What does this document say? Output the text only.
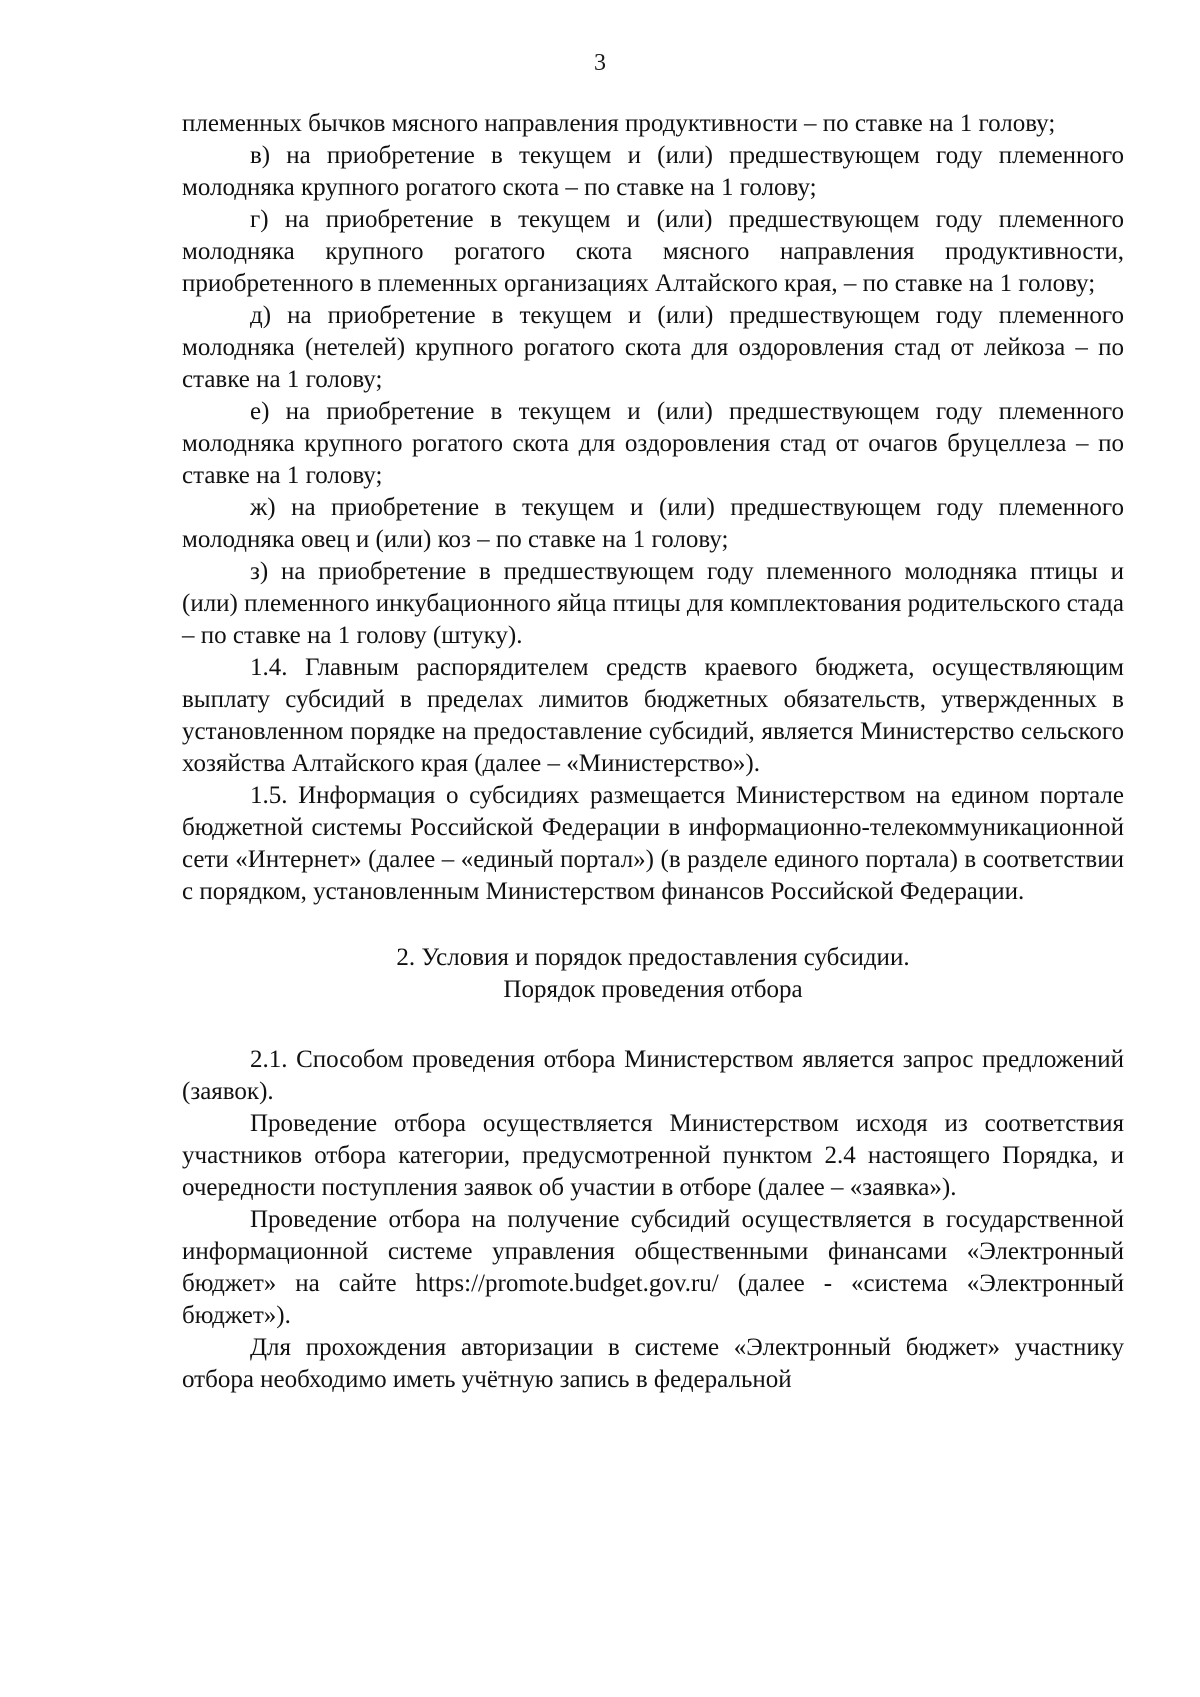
3

племенных бычков мясного направления продуктивности – по ставке на 1 голову;

в) на приобретение в текущем и (или) предшествующем году племенного молодняка крупного рогатого скота – по ставке на 1 голову;

г) на приобретение в текущем и (или) предшествующем году племенного молодняка крупного рогатого скота мясного направления продуктивности, приобретенного в племенных организациях Алтайского края, – по ставке на 1 голову;

д) на приобретение в текущем и (или) предшествующем году племенного молодняка (нетелей) крупного рогатого скота для оздоровления стад от лейкоза – по ставке на 1 голову;

е) на приобретение в текущем и (или) предшествующем году племенного молодняка крупного рогатого скота для оздоровления стад от очагов бруцеллеза – по ставке на 1 голову;

ж) на приобретение в текущем и (или) предшествующем году племенного молодняка овец и (или) коз – по ставке на 1 голову;

з) на приобретение в предшествующем году племенного молодняка птицы и (или) племенного инкубационного яйца птицы для комплектования родительского стада – по ставке на 1 голову (штуку).

1.4. Главным распорядителем средств краевого бюджета, осуществляющим выплату субсидий в пределах лимитов бюджетных обязательств, утвержденных в установленном порядке на предоставление субсидий, является Министерство сельского хозяйства Алтайского края (далее – «Министерство»).

1.5. Информация о субсидиях размещается Министерством на едином портале бюджетной системы Российской Федерации в информационно-телекоммуникационной сети «Интернет» (далее – «единый портал») (в разделе единого портала) в соответствии с порядком, установленным Министерством финансов Российской Федерации.

2. Условия и порядок предоставления субсидии.
Порядок проведения отбора

2.1. Способом проведения отбора Министерством является запрос предложений (заявок).

Проведение отбора осуществляется Министерством исходя из соответствия участников отбора категории, предусмотренной пунктом 2.4 настоящего Порядка, и очередности поступления заявок об участии в отборе (далее – «заявка»).

Проведение отбора на получение субсидий осуществляется в государственной информационной системе управления общественными финансами «Электронный бюджет» на сайте https://promote.budget.gov.ru/ (далее - «система «Электронный бюджет»).

Для прохождения авторизации в системе «Электронный бюджет» участнику отбора необходимо иметь учётную запись в федеральной
